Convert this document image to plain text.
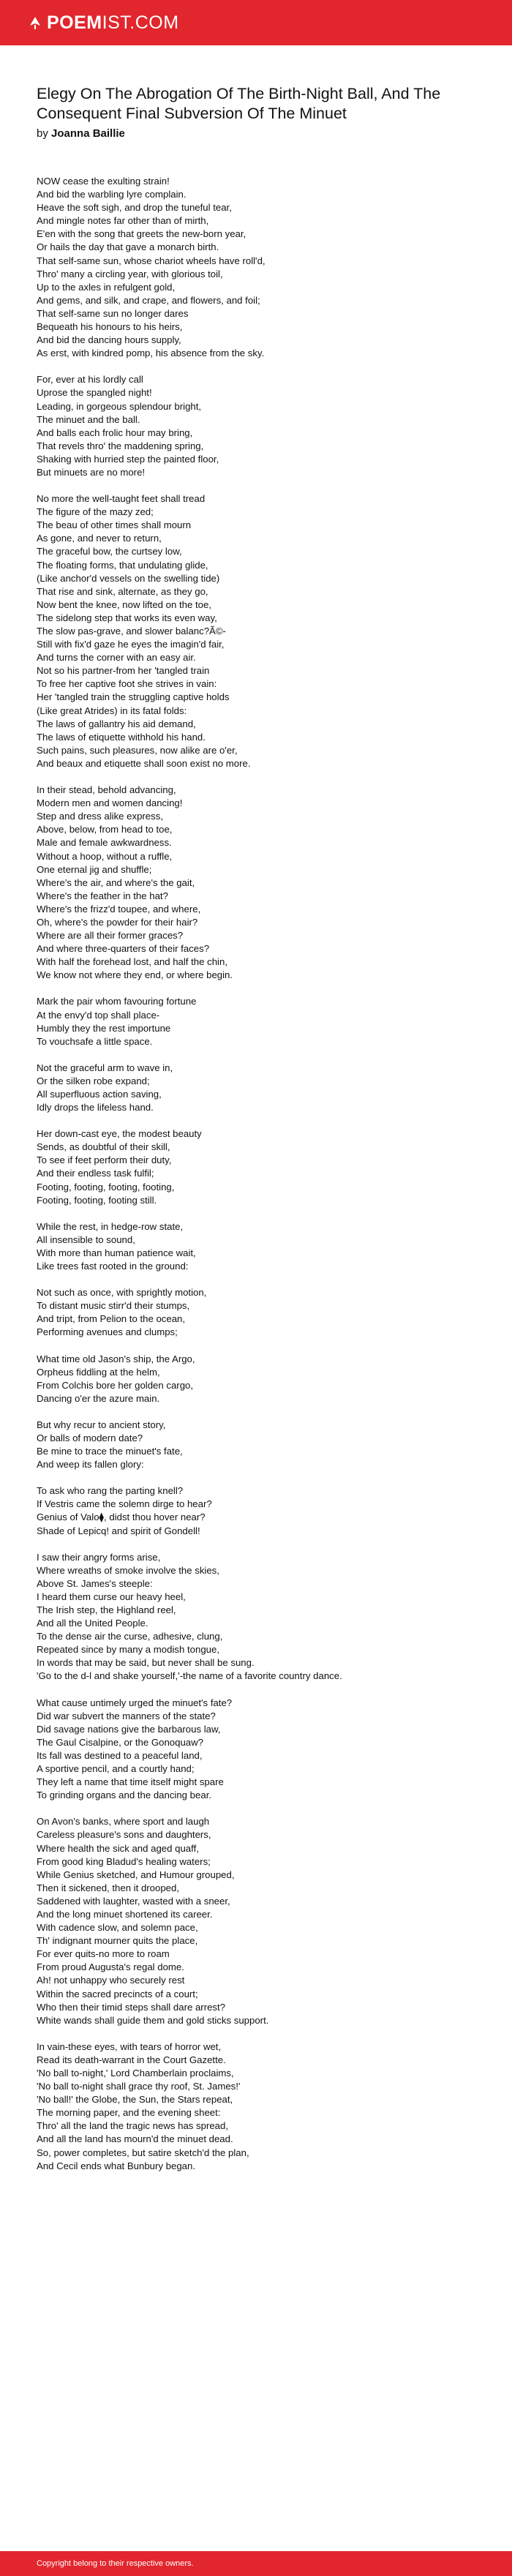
POEM IST.COM
Elegy On The Abrogation Of The Birth-Night Ball, And The Consequent Final Subversion Of The Minuet
by Joanna Baillie
NOW cease the exulting strain!
And bid the warbling lyre complain.
Heave the soft sigh, and drop the tuneful tear,
And mingle notes far other than of mirth,
E'en with the song that greets the new-born year,
Or hails the day that gave a monarch birth.
That self-same sun, whose chariot wheels have roll'd,
Thro' many a circling year, with glorious toil,
Up to the axles in refulgent gold,
And gems, and silk, and crape, and flowers, and foil;
That self-same sun no longer dares
Bequeath his honours to his heirs,
And bid the dancing hours supply,
As erst, with kindred pomp, his absence from the sky.
For, ever at his lordly call
Uprose the spangled night!
Leading, in gorgeous splendour bright,
The minuet and the ball.
And balls each frolic hour may bring,
That revels thro' the maddening spring,
Shaking with hurried step the painted floor,
But minuets are no more!
No more the well-taught feet shall tread
The figure of the mazy zed;
The beau of other times shall mourn
As gone, and never to return,
The graceful bow, the curtsey low,
The floating forms, that undulating glide,
(Like anchor'd vessels on the swelling tide)
That rise and sink, alternate, as they go,
Now bent the knee, now lifted on the toe,
The sidelong step that works its even way,
The slow pas-grave, and slower balanc?Ã©-
Still with fix'd gaze he eyes the imagin'd fair,
And turns the corner with an easy air.
Not so his partner-from her 'tangled train
To free her captive foot she strives in vain:
Her 'tangled train the struggling captive holds
(Like great Atrides) in its fatal folds:
The laws of gallantry his aid demand,
The laws of etiquette withhold his hand.
Such pains, such pleasures, now alike are o'er,
And beaux and etiquette shall soon exist no more.
In their stead, behold advancing,
Modern men and women dancing!
Step and dress alike express,
Above, below, from head to toe,
Male and female awkwardness.
Without a hoop, without a ruffle,
One eternal jig and shuffle;
Where's the air, and where's the gait,
Where's the feather in the hat?
Where's the frizz'd toupee, and where,
Oh, where's the powder for their hair?
Where are all their former graces?
And where three-quarters of their faces?
With half the forehead lost, and half the chin,
We know not where they end, or where begin.
Mark the pair whom favouring fortune
At the envy'd top shall place-
Humbly they the rest importune
To vouchsafe a little space.
Not the graceful arm to wave in,
Or the silken robe expand;
All superfluous action saving,
Idly drops the lifeless hand.
Her down-cast eye, the modest beauty
Sends, as doubtful of their skill,
To see if feet perform their duty,
And their endless task fulfil;
Footing, footing, footing, footing,
Footing, footing, footing still.
While the rest, in hedge-row state,
All insensible to sound,
With more than human patience wait,
Like trees fast rooted in the ground:
Not such as once, with sprightly motion,
To distant music stirr'd their stumps,
And tript, from Pelion to the ocean,
Performing avenues and clumps;
What time old Jason's ship, the Argo,
Orpheus fiddling at the helm,
From Colchis bore her golden cargo,
Dancing o'er the azure main.
But why recur to ancient story,
Or balls of modern date?
Be mine to trace the minuet's fate,
And weep its fallen glory:
To ask who rang the parting knell?
If Vestris came the solemn dirge to hear?
Genius of Valo⧫, didst thou hover near?
Shade of Lepicq! and spirit of Gondell!
I saw their angry forms arise,
Where wreaths of smoke involve the skies,
Above St. James's steeple:
I heard them curse our heavy heel,
The Irish step, the Highland reel,
And all the United People.
To the dense air the curse, adhesive, clung,
Repeated since by many a modish tongue,
In words that may be said, but never shall be sung.
'Go to the d-l and shake yourself,'-the name of a favorite country dance.
What cause untimely urged the minuet's fate?
Did war subvert the manners of the state?
Did savage nations give the barbarous law,
The Gaul Cisalpine, or the Gonoquaw?
Its fall was destined to a peaceful land,
A sportive pencil, and a courtly hand;
They left a name that time itself might spare
To grinding organs and the dancing bear.
On Avon's banks, where sport and laugh
Careless pleasure's sons and daughters,
Where health the sick and aged quaff,
From good king Bladud's healing waters;
While Genius sketched, and Humour grouped,
Then it sickened, then it drooped,
Saddened with laughter, wasted with a sneer,
And the long minuet shortened its career.
With cadence slow, and solemn pace,
Th' indignant mourner quits the place,
For ever quits-no more to roam
From proud Augusta's regal dome.
Ah! not unhappy who securely rest
Within the sacred precincts of a court;
Who then their timid steps shall dare arrest?
White wands shall guide them and gold sticks support.
In vain-these eyes, with tears of horror wet,
Read its death-warrant in the Court Gazette.
'No ball to-night,' Lord Chamberlain proclaims,
'No ball to-night shall grace thy roof, St. James!'
'No ball!' the Globe, the Sun, the Stars repeat,
The morning paper, and the evening sheet:
Thro' all the land the tragic news has spread,
And all the land has mourn'd the minuet dead.
So, power completes, but satire sketch'd the plan,
And Cecil ends what Bunbury began.
Copyright belong to their respective owners.
